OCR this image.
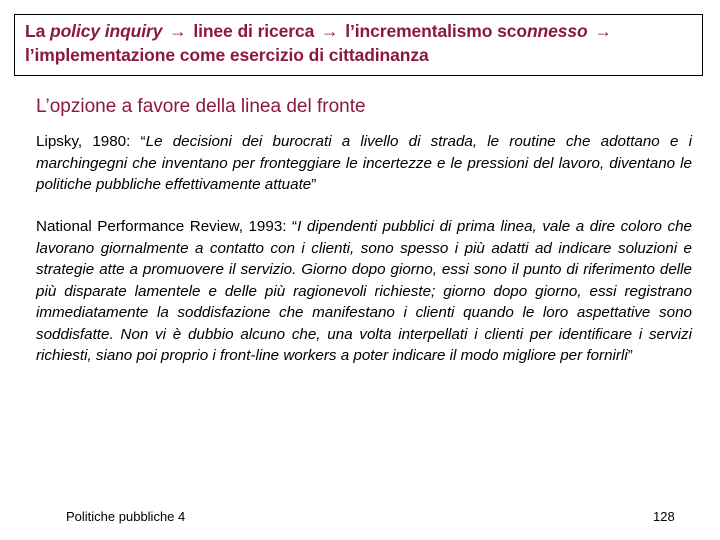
La policy inquiry → linee di ricerca → l’incrementalismo sconnesso →
l’implementazione come esercizio di cittadinanza
L’opzione a favore della linea del fronte
Lipsky, 1980: “Le decisioni dei burocrati a livello di strada, le routine che adottano e i marchingegni che inventano per fronteggiare le incertezze e le pressioni del lavoro, diventano le politiche pubbliche effettivamente attuate”
National Performance Review, 1993: “I dipendenti pubblici di prima linea, vale a dire coloro che lavorano giornalmente a contatto con i clienti, sono spesso i più adatti ad indicare soluzioni e strategie atte a promuovere il servizio. Giorno dopo giorno, essi sono il punto di riferimento delle più disparate lamentele e delle più ragionevoli richieste; giorno dopo giorno, essi registrano immediatamente la soddisfazione che manifestano i clienti quando le loro aspettative sono soddisfatte. Non vi è dubbio alcuno che, una volta interpellati i clienti per identificare i servizi richiesti, siano poi proprio i front-line workers a poter indicare il modo migliore per fornirli”
Politiche pubbliche 4	128
